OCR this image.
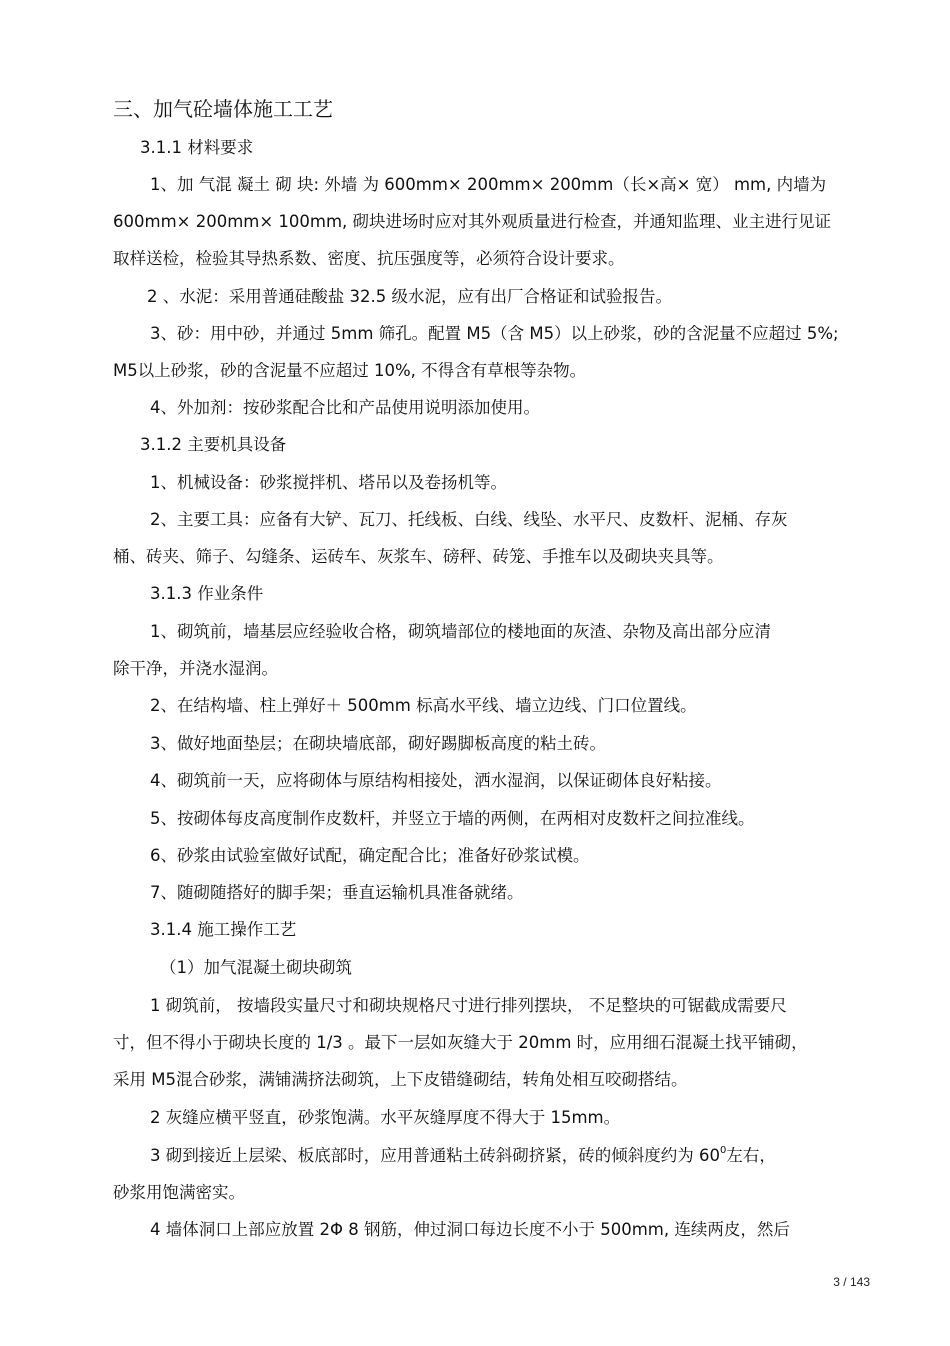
三、加气砼墙体施工工艺
3.1.1 材料要求
1、加 气混 凝土 砌 块: 外墙 为 600mm× 200mm× 200mm（长×高× 宽） mm, 内墙为
600mm× 200mm× 100mm, 砌块进场时应对其外观质量进行检查，并通知监理、业主进行见证
取样送检，检验其导热系数、密度、抗压强度等，必须符合设计要求。
2 、水泥：采用普通硅酸盐 32.5 级水泥，应有出厂合格证和试验报告。
3、砂：用中砂，并通过 5mm 筛孔。配置 M5（含 M5）以上砂浆，砂的含泥量不应超过 5%;
M5以上砂浆，砂的含泥量不应超过 10%, 不得含有草根等杂物。
4、外加剂：按砂浆配合比和产品使用说明添加使用。
3.1.2 主要机具设备
1、机械设备：砂浆搅拌机、塔吊以及卷扬机等。
2、主要工具：应备有大铲、瓦刀、托线板、白线、线坠、水平尺、皮数杆、泥桶、存灰
桶、砖夹、筛子、勾缝条、运砖车、灰浆车、磅秤、砖笼、手推车以及砌块夹具等。
3.1.3 作业条件
1、砌筑前，墙基层应经验收合格，砌筑墙部位的楼地面的灰渣、杂物及高出部分应清
除干净，并浇水湿润。
2、在结构墙、柱上弹好＋ 500mm 标高水平线、墙立边线、门口位置线。
3、做好地面垫层；在砌块墙底部，砌好踢脚板高度的粘土砖。
4、砌筑前一天，应将砌体与原结构相接处，洒水湿润，以保证砌体良好粘接。
5、按砌体每皮高度制作皮数杆，并竖立于墙的两侧，在两相对皮数杆之间拉准线。
6、砂浆由试验室做好试配，确定配合比；准备好砂浆试模。
7、随砌随搭好的脚手架；垂直运输机具准备就绪。
3.1.4 施工操作工艺
（1）加气混凝土砌块砌筑
1 砌筑前， 按墙段实量尺寸和砌块规格尺寸进行排列摆块， 不足整块的可锯截成需要尺
寸，但不得小于砌块长度的 1/3 。最下一层如灰缝大于 20mm 时，应用细石混凝土找平铺砌，
采用 M5混合砂浆，满铺满挤法砌筑，上下皮错缝砌结，转角处相互咬砌搭结。
2 灰缝应横平竖直，砂浆饱满。水平灰缝厚度不得大于 15mm。
3 砌到接近上层梁、板底部时，应用普通粘土砖斜砌挤紧，砖的倾斜度约为 $60^0$左右，
砂浆用饱满密实。
4 墙体洞口上部应放置 2Φ 8 钢筋，伸过洞口每边长度不小于 500mm, 连续两皮，然后
3 / 143
